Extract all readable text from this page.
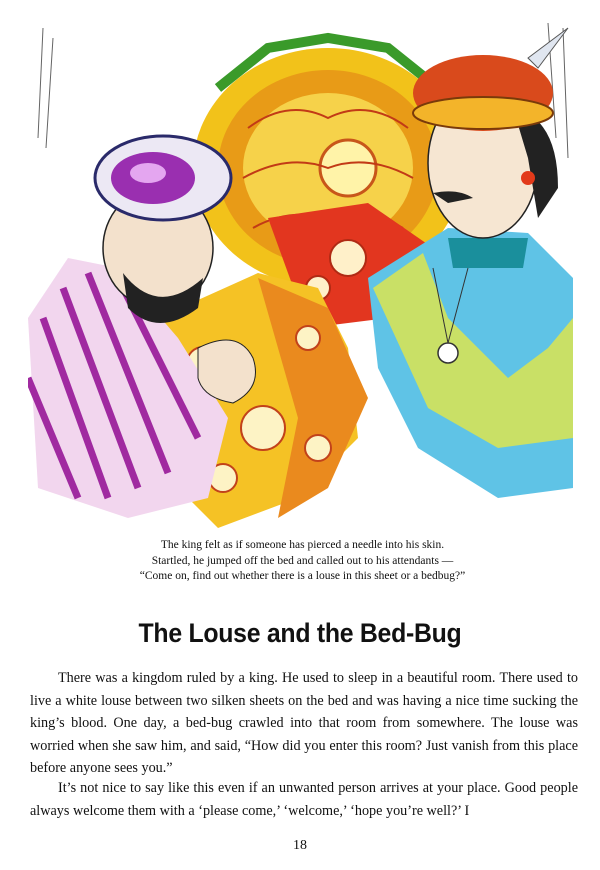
The king felt as if someone has pierced a needle into his skin.
Startled, he jumped off the bed and called out to his attendants —
“Come on, find out whether there is a louse in this sheet or a bedbug?”
The Louse and the Bed-Bug

There was a kingdom ruled by a king. He used to sleep in a beautiful room. There used to live a white louse between two silken sheets on the bed and was having a nice time sucking the king’s blood. One day, a bed-bug crawled into that room from somewhere. The louse was worried when she saw him, and said, “How did you enter this room? Just vanish from this place before anyone sees you.”

It’s not nice to say like this even if an unwanted person arrives at your place. Good people always welcome them with a ‘please come,’ ‘welcome,’ ‘hope you’re well?’ I

18
